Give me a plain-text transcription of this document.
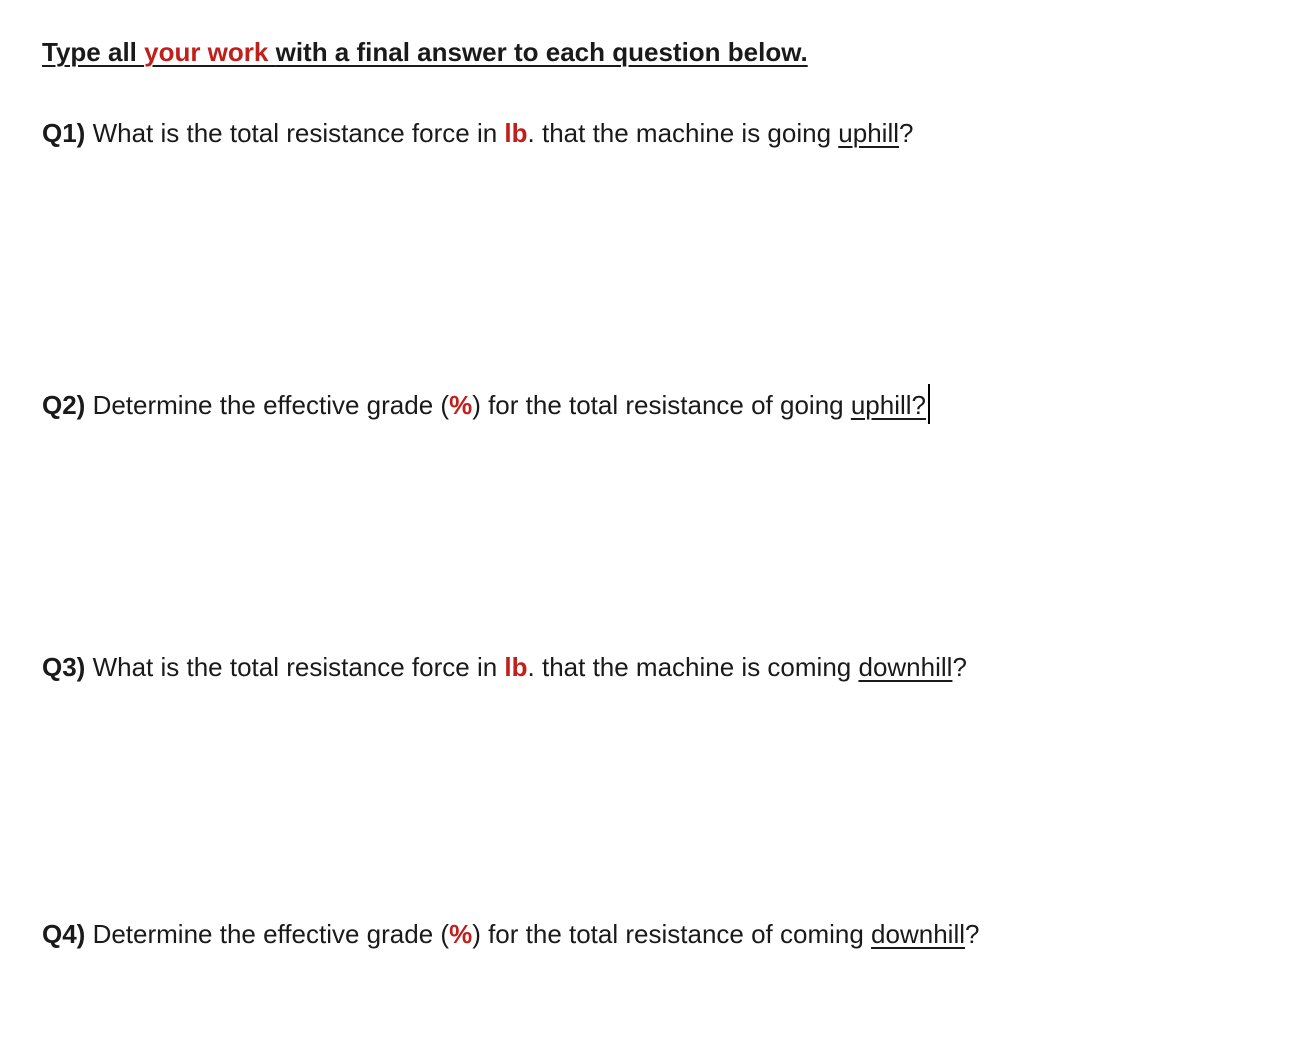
Type all your work with a final answer to each question below.
Q1) What is the total resistance force in lb. that the machine is going uphill?
Q2) Determine the effective grade (%) for the total resistance of going uphill?
Q3) What is the total resistance force in lb. that the machine is coming downhill?
Q4) Determine the effective grade (%) for the total resistance of coming downhill?
